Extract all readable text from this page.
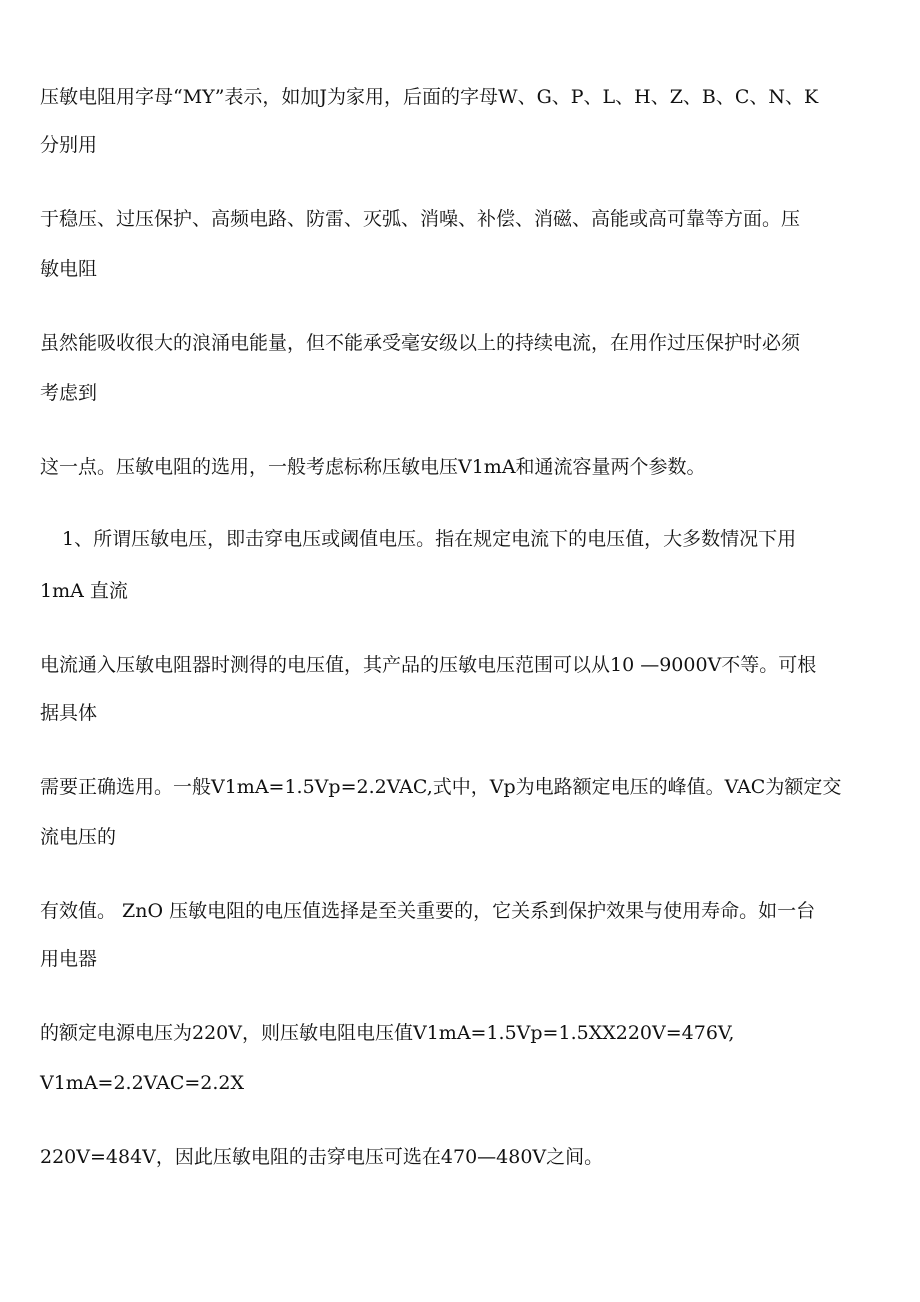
压敏电阻用字母“MY”表示，如加J为家用，后面的字母W、G、P、L、H、Z、B、C、N、K
分别用
于稳压、过压保护、高频电路、防雷、灭弧、消噪、补偿、消磁、高能或高可靠等方面。压
敏电阻
虽然能吸收很大的浪涌电能量，但不能承受毫安级以上的持续电流，在用作过压保护时必须
考虑到
这一点。压敏电阻的选用，一般考虑标称压敏电压V1mA和通流容量两个参数。
1、所谓压敏电压，即击穿电压或阈值电压。指在规定电流下的电压值，大多数情况下用
1mA 直流
电流通入压敏电阻器时测得的电压值，其产品的压敏电压范围可以从10 —9000V不等。可根
据具体
需要正确选用。一般V1mA=1.5Vp=2.2VAC,式中，Vp为电路额定电压的峰值。VAC为额定交
流电压的
有效值。 ZnO 压敏电阻的电压值选择是至关重要的，它关系到保护效果与使用寿命。如一台
用电器
的额定电源电压为220V，则压敏电阻电压值V1mA=1.5Vp=1.5XX220V=476V,
V1mA=2.2VAC=2.2X
220V=484V，因此压敏电阻的击穿电压可选在470—480V之间。
